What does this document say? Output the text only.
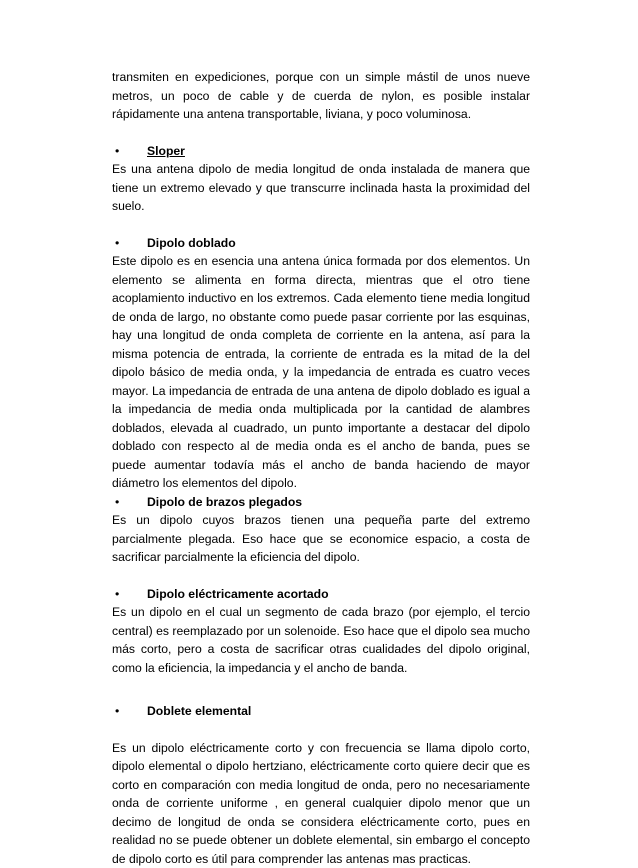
transmiten en expediciones, porque con un simple mástil de unos nueve metros, un poco de cable y de cuerda de nylon, es posible instalar rápidamente una antena transportable, liviana, y poco voluminosa.

• Sloper

Es una antena dipolo de media longitud de onda instalada de manera que tiene un extremo elevado y que transcurre inclinada hasta la proximidad del suelo.

• Dipolo doblado

Este dipolo es en esencia una antena única formada por dos elementos. Un elemento se alimenta en forma directa, mientras que el otro tiene acoplamiento inductivo en los extremos. Cada elemento tiene media longitud de onda de largo, no obstante como puede pasar corriente por las esquinas, hay una longitud de onda completa de corriente en la antena, así para la misma potencia de entrada, la corriente de entrada es la mitad de la del dipolo básico de media onda, y la impedancia de entrada es cuatro veces mayor. La impedancia de entrada de una antena de dipolo doblado es igual a la impedancia de media onda multiplicada por la cantidad de alambres doblados, elevada al cuadrado, un punto importante a destacar del dipolo doblado con respecto al de media onda es el ancho de banda, pues se puede aumentar todavía más el ancho de banda haciendo de mayor diámetro los elementos del dipolo.

• Dipolo de brazos plegados

Es un dipolo cuyos brazos tienen una pequeña parte del extremo parcialmente plegada. Eso hace que se economice espacio, a costa de sacrificar parcialmente la eficiencia del dipolo.

• Dipolo eléctricamente acortado

Es un dipolo en el cual un segmento de cada brazo (por ejemplo, el tercio central) es reemplazado por un solenoide. Eso hace que el dipolo sea mucho más corto, pero a costa de sacrificar otras cualidades del dipolo original, como la eficiencia, la impedancia y el ancho de banda.

• Doblete elemental

Es un dipolo eléctricamente corto y con frecuencia se llama dipolo corto, dipolo elemental o dipolo hertziano, eléctricamente corto quiere decir que es corto en comparación con media longitud de onda, pero no necesariamente onda de corriente uniforme , en general cualquier dipolo menor que un decimo de longitud de onda se considera eléctricamente corto, pues en realidad no se puede obtener un doblete elemental, sin embargo el concepto de dipolo corto es útil para comprender las antenas mas practicas.
